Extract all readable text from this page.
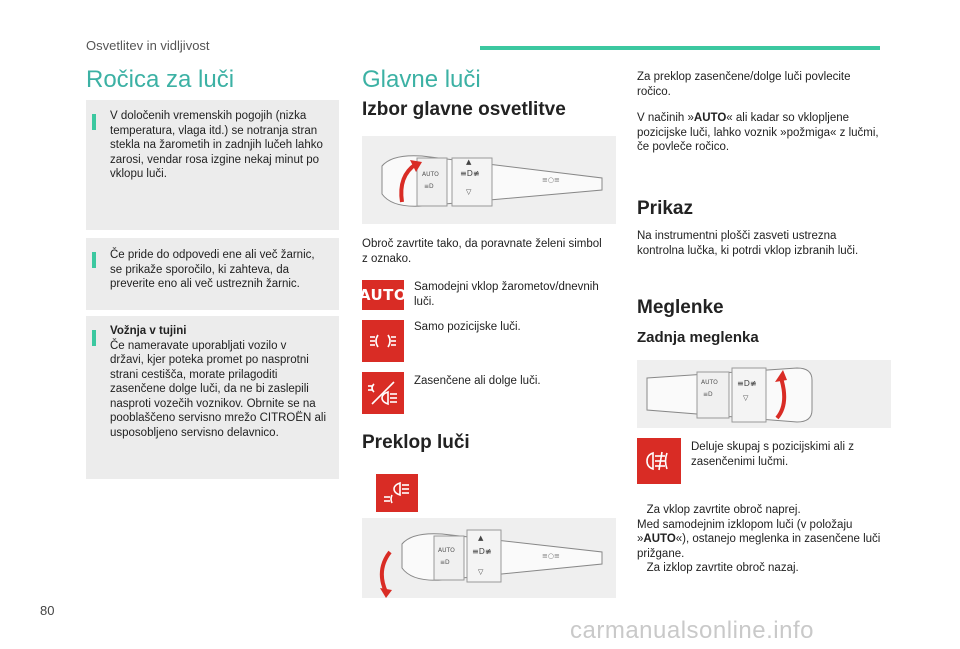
Osvetlitev in vidljivost
Ročica za luči
V določenih vremenskih pogojih (nizka
temperatura, vlaga itd.) se notranja stran
stekla na žarometih in zadnjih lučeh lahko
zarosi, vendar rosa izgine nekaj minut po
vklopu luči.
Če pride do odpovedi ene ali več žarnic,
se prikaže sporočilo, ki zahteva, da
preverite eno ali več ustreznih žarnic.
Vožnja v tujini
Če nameravate uporabljati vozilo v
državi, kjer poteka promet po nasprotni
strani cestišča, morate prilagoditi
zasenčene dolge luči, da ne bi zaslepili
nasproti vozečih voznikov. Obrnite se na
pooblaščeno servisno mrežo CITROËN ali
usposobljeno servisno delavnico.
Glavne luči
Izbor glavne osvetlitve
AUTO
≡D
≡D≢
▲
▽
≡○≡
Obroč zavrtite tako, da poravnate želeni simbol
z oznako.
AUTO Samodejni vklop žarometov/dnevnih
luči.
Samo pozicijske luči.
Zasenčene ali dolge luči.
Preklop luči
AUTO
≡D
≡D≢
▲
▽
≡○≡
Za preklop zasenčene/dolge luči povlecite
ročico.
V načinih »AUTO« ali kadar so vklopljene
pozicijske luči, lahko voznik »požmiga« z lučmi,
če povleče ročico.
Prikaz
Na instrumentni plošči zasveti ustrezna
kontrolna lučka, ki potrdi vklop izbranih luči.
Meglenke
Zadnja meglenka
AUTO
≡D
≡D≢
▽
Deluje skupaj s pozicijskimi ali z
zasenčenimi lučmi.
Za vklop zavrtite obroč naprej.
Med samodejnim izklopom luči (v položaju
»AUTO«), ostanejo meglenka in zasenčene luči
prižgane.
Za izklop zavrtite obroč nazaj.
80
carmanualsonline.info
